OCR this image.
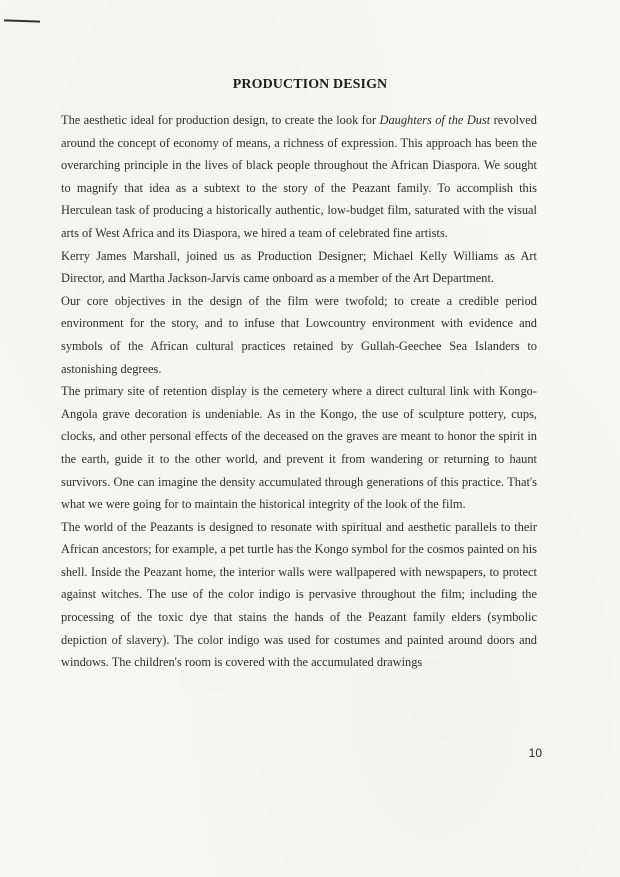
PRODUCTION DESIGN

The aesthetic ideal for production design, to create the look for Daughters of the Dust revolved around the concept of economy of means, a richness of expression. This approach has been the overarching principle in the lives of black people throughout the African Diaspora. We sought to magnify that idea as a subtext to the story of the Peazant family. To accomplish this Herculean task of producing a historically authentic, low-budget film, saturated with the visual arts of West Africa and its Diaspora, we hired a team of celebrated fine artists.

Kerry James Marshall, joined us as Production Designer; Michael Kelly Williams as Art Director, and Martha Jackson-Jarvis came onboard as a member of the Art Department.

Our core objectives in the design of the film were twofold; to create a credible period environment for the story, and to infuse that Lowcountry environment with evidence and symbols of the African cultural practices retained by Gullah-Geechee Sea Islanders to astonishing degrees.

The primary site of retention display is the cemetery where a direct cultural link with Kongo-Angola grave decoration is undeniable. As in the Kongo, the use of sculpture pottery, cups, clocks, and other personal effects of the deceased on the graves are meant to honor the spirit in the earth, guide it to the other world, and prevent it from wandering or returning to haunt survivors. One can imagine the density accumulated through generations of this practice. That's what we were going for to maintain the historical integrity of the look of the film.

The world of the Peazants is designed to resonate with spiritual and aesthetic parallels to their African ancestors; for example, a pet turtle has the Kongo symbol for the cosmos painted on his shell. Inside the Peazant home, the interior walls were wallpapered with newspapers, to protect against witches. The use of the color indigo is pervasive throughout the film; including the processing of the toxic dye that stains the hands of the Peazant family elders (symbolic depiction of slavery). The color indigo was used for costumes and painted around doors and windows. The children's room is covered with the accumulated drawings

10
